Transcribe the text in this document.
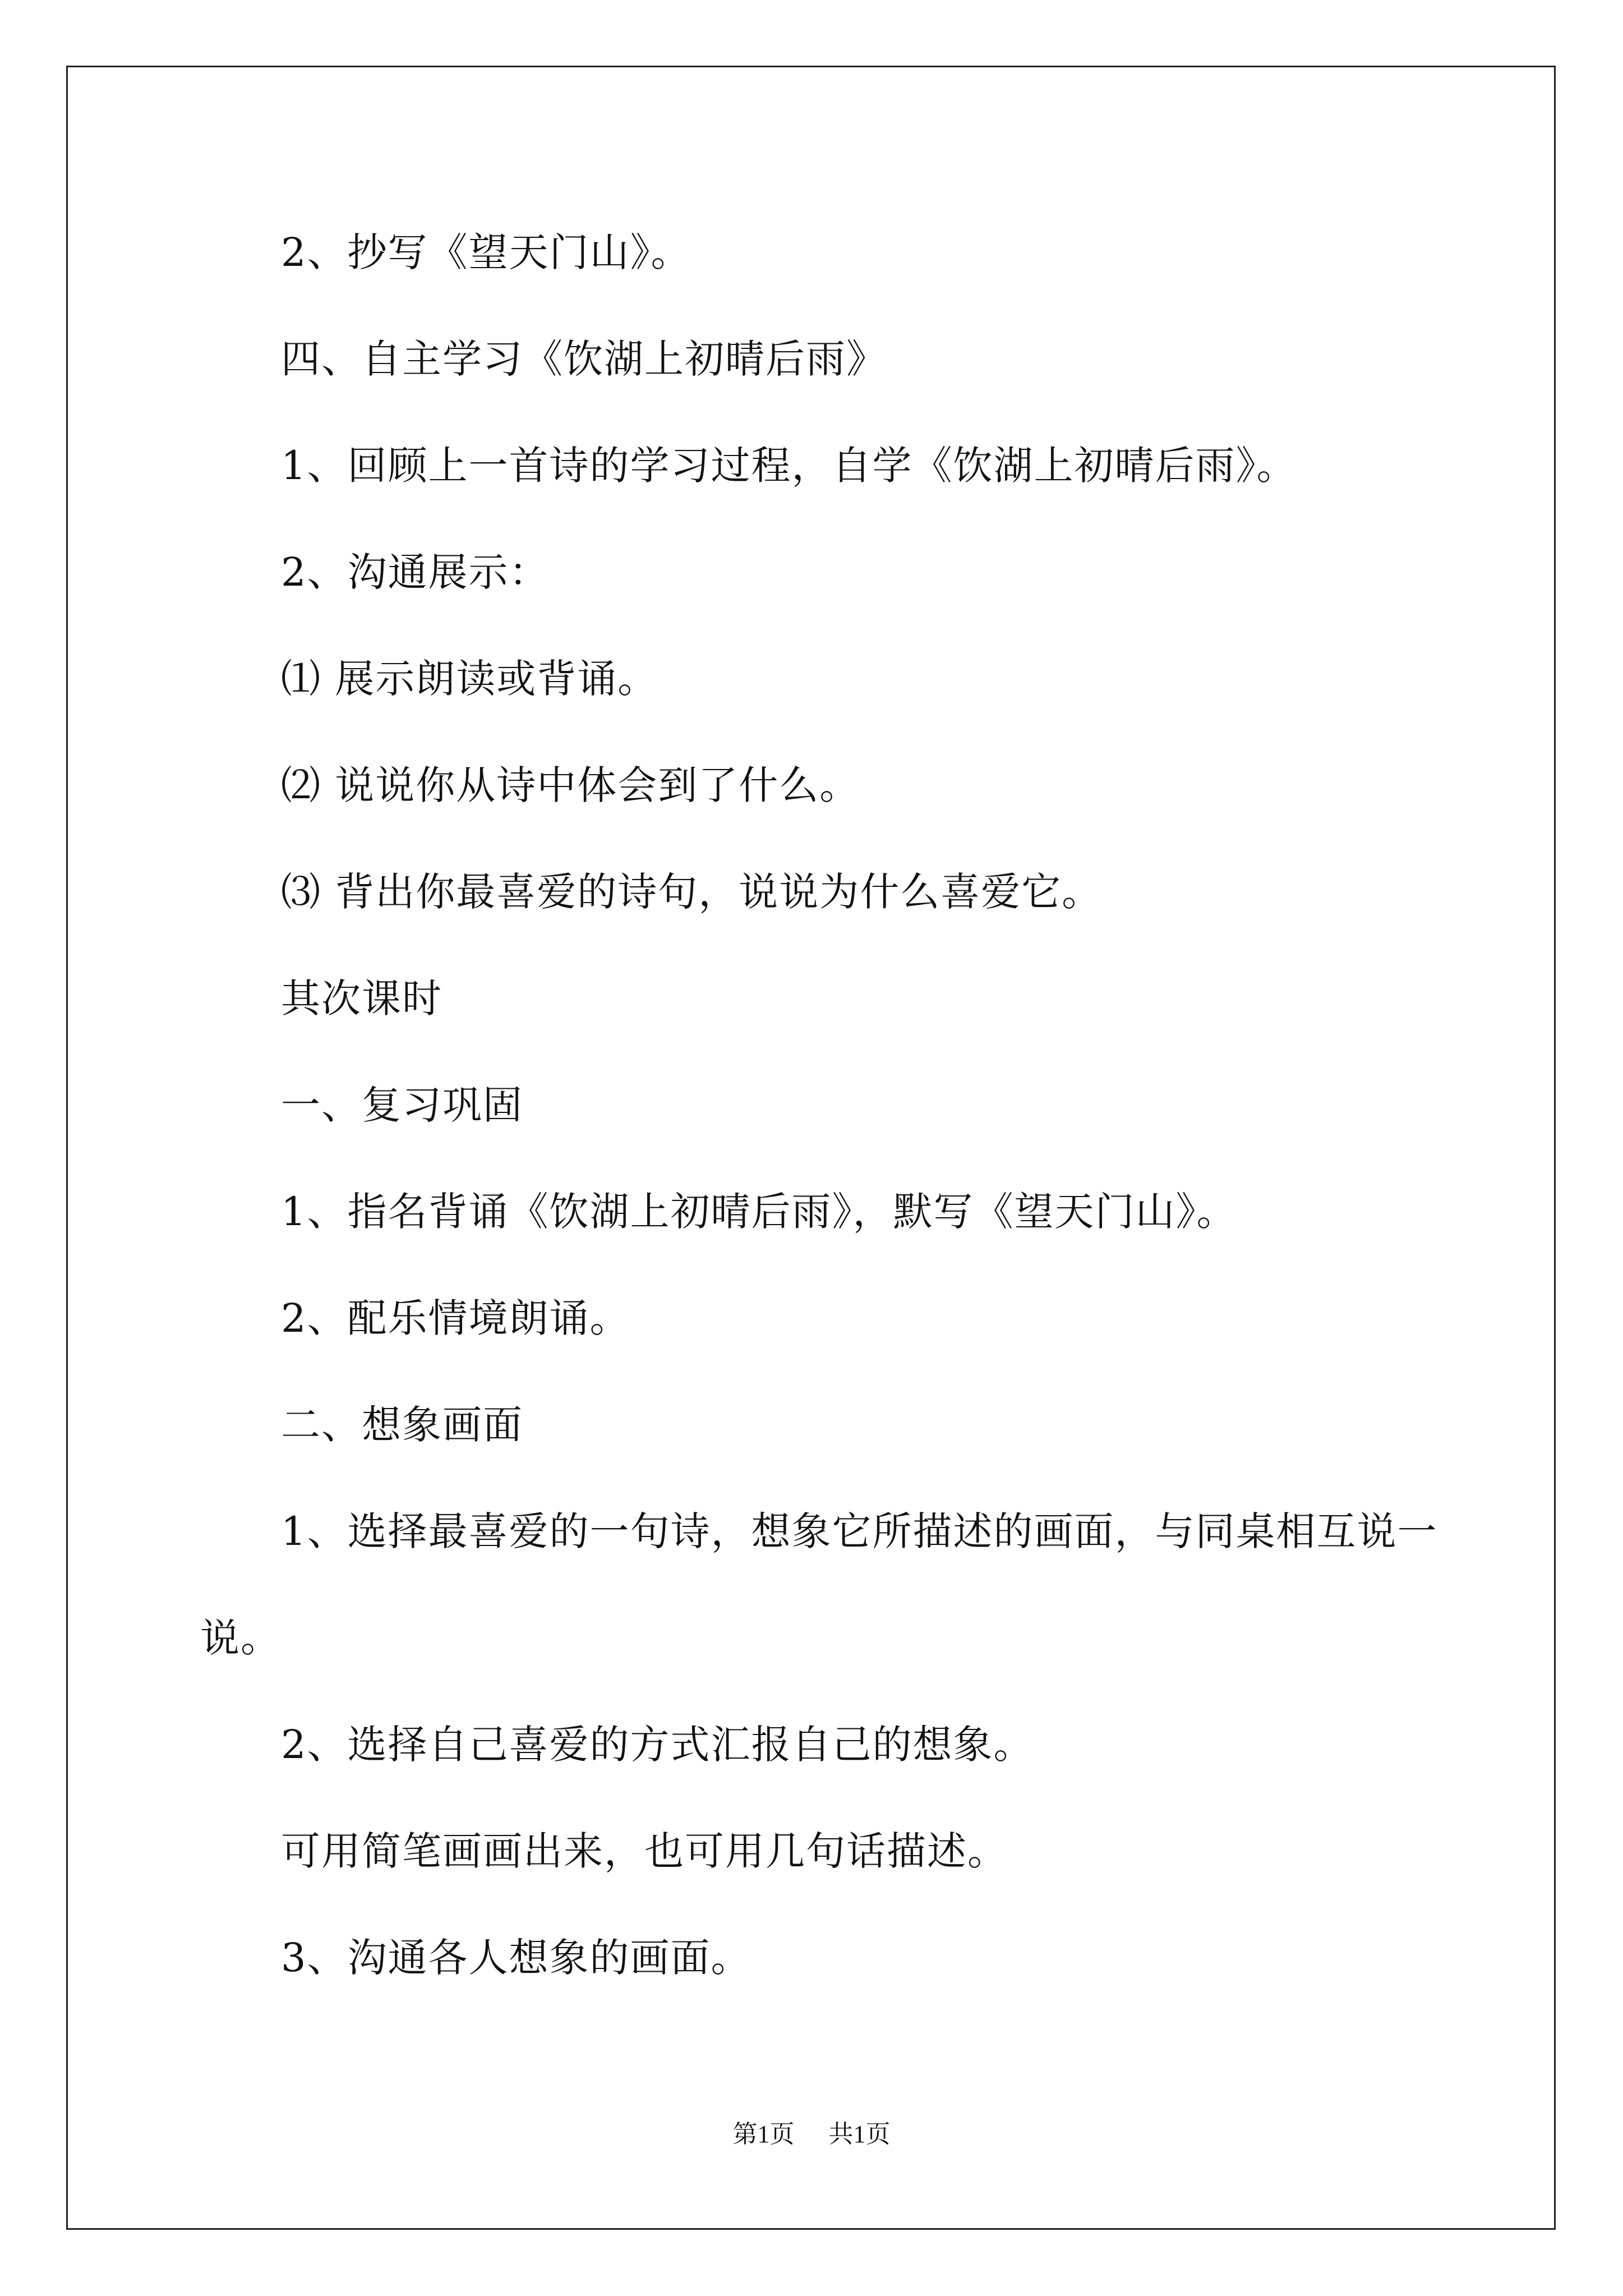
2、抄写《望天门山》。
四、自主学习《饮湖上初晴后雨》
1、回顾上一首诗的学习过程，自学《饮湖上初晴后雨》。
2、沟通展示：
⑴ 展示朗读或背诵。
⑵ 说说你从诗中体会到了什么。
⑶ 背出你最喜爱的诗句，说说为什么喜爱它。
其次课时
一、复习巩固
1、指名背诵《饮湖上初晴后雨》，默写《望天门山》。
2、配乐情境朗诵。
二、想象画面
1、选择最喜爱的一句诗，想象它所描述的画面，与同桌相互说一
说。
2、选择自己喜爱的方式汇报自己的想象。
可用简笔画画出来，也可用几句话描述。
3、沟通各人想象的画面。
第1页 共1页
